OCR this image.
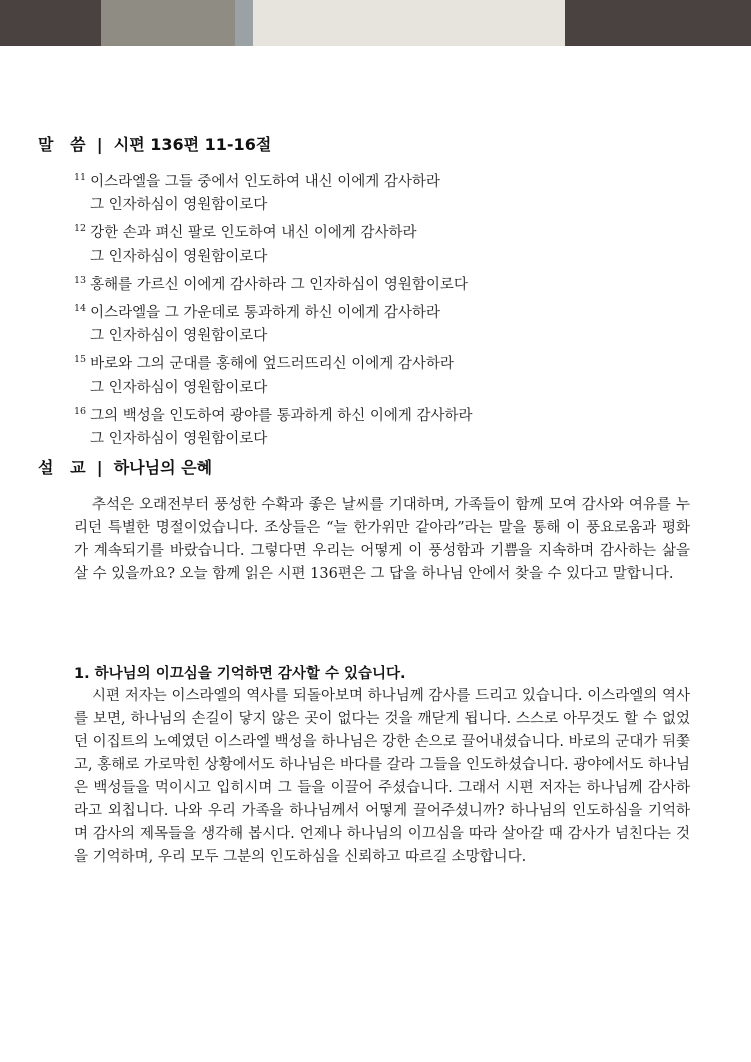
말   씀  |  시편 136편 11-16절
$^{11}$ 이스라엘을 그들 중에서 인도하여 내신 이에게 감사하라
그 인자하심이 영원함이로다
$^{12}$ 강한 손과 펴신 팔로 인도하여 내신 이에게 감사하라
그 인자하심이 영원함이로다
$^{13}$ 홍해를 가르신 이에게 감사하라 그 인자하심이 영원함이로다
$^{14}$ 이스라엘을 그 가운데로 통과하게 하신 이에게 감사하라
그 인자하심이 영원함이로다
$^{15}$ 바로와 그의 군대를 홍해에 엎드러뜨리신 이에게 감사하라
그 인자하심이 영원함이로다
$^{16}$ 그의 백성을 인도하여 광야를 통과하게 하신 이에게 감사하라
그 인자하심이 영원함이로다
설   교  |  하나님의 은혜

추석은 오래전부터 풍성한 수확과 좋은 날씨를 기대하며, 가족들이 함께 모여 감사와 여유를 누리던 특별한 명절이었습니다. 조상들은 “늘 한가위만 같아라”라는 말을 통해 이 풍요로움과 평화가 계속되기를 바랐습니다. 그렇다면 우리는 어떻게 이 풍성함과 기쁨을 지속하며 감사하는 삶을 살 수 있을까요? 오늘 함께 읽은 시편 136편은 그 답을 하나님 안에서 찾을 수 있다고 말합니다.

1. 하나님의 이끄심을 기억하면 감사할 수 있습니다.

시편 저자는 이스라엘의 역사를 되돌아보며 하나님께 감사를 드리고 있습니다. 이스라엘의 역사를 보면, 하나님의 손길이 닿지 않은 곳이 없다는 것을 깨닫게 됩니다. 스스로 아무것도 할 수 없었던 이집트의 노예였던 이스라엘 백성을 하나님은 강한 손으로 끌어내셨습니다. 바로의 군대가 뒤쫓고, 홍해로 가로막힌 상황에서도 하나님은 바다를 갈라 그들을 인도하셨습니다. 광야에서도 하나님은 백성들을 먹이시고 입히시며 그 들을 이끌어 주셨습니다. 그래서 시편 저자는 하나님께 감사하라고 외칩니다. 나와 우리 가족을 하나님께서 어떻게 끌어주셨니까? 하나님의 인도하심을 기억하며 감사의 제목들을 생각해 봅시다. 언제나 하나님의 이끄심을 따라 살아갈 때 감사가 넘친다는 것을 기억하며, 우리 모두 그분의 인도하심을 신뢰하고 따르길 소망합니다.
